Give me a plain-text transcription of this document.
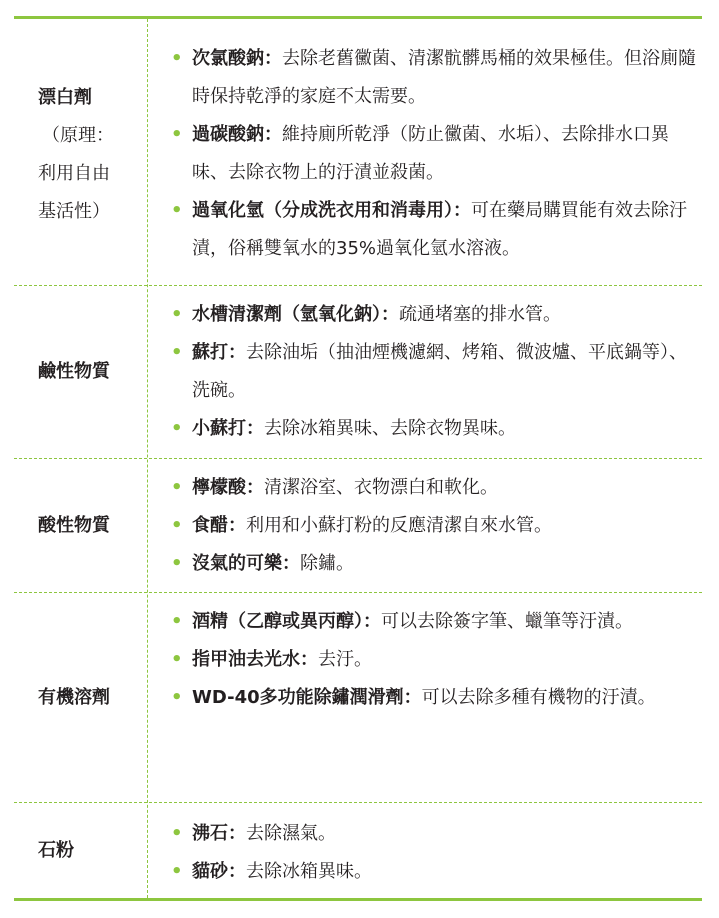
漂白劑
（原理：
利用自由
基活性）
• 次氯酸鈉：去除老舊黴菌、清潔骯髒馬桶的效果極佳。但浴廁隨時保持乾淨的家庭不太需要。
• 過碳酸鈉：維持廁所乾淨（防止黴菌、水垢）、去除排水口異味、去除衣物上的汙漬並殺菌。
• 過氧化氫（分成洗衣用和消毒用）：可在藥局購買能有效去除汙漬，俗稱雙氧水的35%過氧化氫水溶液。
鹼性物質
• 水槽清潔劑（氫氧化鈉）：疏通堵塞的排水管。
• 蘇打：去除油垢（抽油煙機濾網、烤箱、微波爐、平底鍋等）、洗碗。
• 小蘇打：去除冰箱異味、去除衣物異味。
酸性物質
• 檸檬酸：清潔浴室、衣物漂白和軟化。
• 食醋：利用和小蘇打粉的反應清潔自來水管。
• 沒氣的可樂：除鏽。
有機溶劑
• 酒精（乙醇或異丙醇）：可以去除簽字筆、蠟筆等汙漬。
• 指甲油去光水：去汙。
• WD-40多功能除鏽潤滑劑：可以去除多種有機物的汙漬。
石粉
• 沸石：去除濕氣。
• 貓砂：去除冰箱異味。
